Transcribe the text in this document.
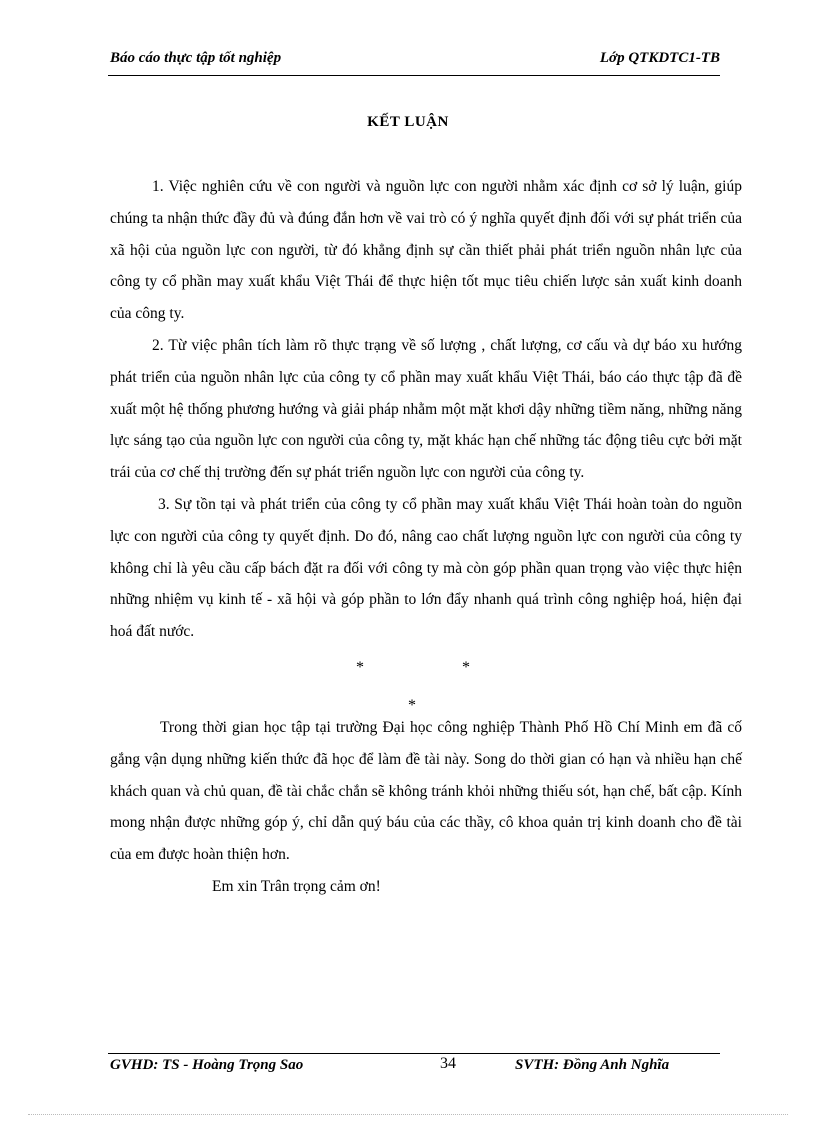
Báo cáo thực tập tốt nghiệp	Lớp QTKDTC1-TB
KẾT LUẬN

1. Việc nghiên cứu về con người và nguồn lực con người nhằm xác định cơ sở lý luận, giúp chúng ta nhận thức đầy đủ và đúng đắn hơn về vai trò có ý nghĩa quyết định đối với sự phát triển của xã hội của nguồn lực con người, từ đó khẳng định sự cần thiết phải phát triển nguồn nhân lực của công ty cổ phần may xuất khẩu Việt Thái để thực hiện tốt mục tiêu chiến lược sản xuất kinh doanh của công ty.

2. Từ việc phân tích làm rõ thực trạng về số lượng , chất lượng, cơ cấu và dự báo xu hướng phát triển của nguồn nhân lực của công ty cổ phần may xuất khẩu Việt Thái, báo cáo thực tập đã đề xuất một hệ thống phương hướng và giải pháp nhằm một mặt khơi dậy những tiềm năng, những năng lực sáng tạo của nguồn lực con người của công ty, mặt khác hạn chế những tác động tiêu cực bởi mặt trái của cơ chế thị trường đến sự phát triển nguồn lực con người của công ty.

3. Sự tồn tại và phát triển của công ty cổ phần may xuất khẩu Việt Thái hoàn toàn do nguồn lực con người của công ty quyết định. Do đó, nâng cao chất lượng nguồn lực con người của công ty không chỉ là yêu cầu cấp bách đặt ra đối với công ty mà còn góp phần quan trọng vào việc thực hiện những nhiệm vụ kinh tế - xã hội và góp phần to lớn đẩy nhanh quá trình công nghiệp hoá, hiện đại hoá đất nước.

*	*
*

Trong thời gian học tập tại trường Đại học công nghiệp Thành Phố Hồ Chí Minh em đã cố gắng vận dụng những kiến thức đã học để làm đề tài này. Song do thời gian có hạn và nhiều hạn chế khách quan và chủ quan, đề tài chắc chắn sẽ không tránh khỏi những thiếu sót, hạn chế, bất cập. Kính mong nhận được những góp ý, chỉ dẫn quý báu của các thầy, cô khoa quản trị kinh doanh cho đề tài của em được hoàn thiện hơn.

Em xin Trân trọng cảm ơn!

GVHD: TS - Hoàng Trọng Sao	34	SVTH: Đồng Anh Nghĩa
